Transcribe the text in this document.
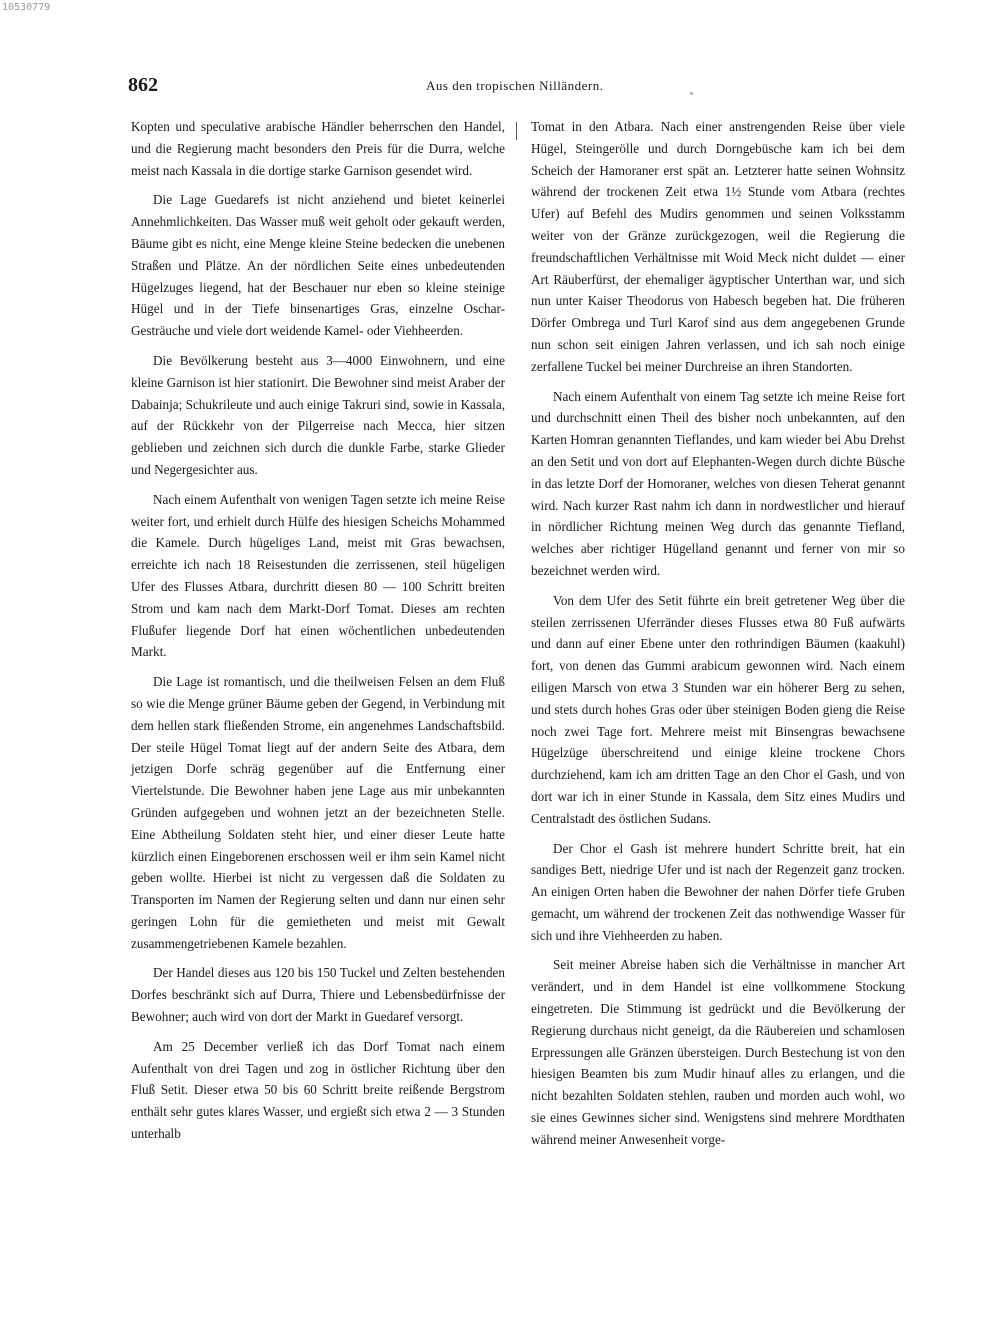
10530779
862	Aus den tropischen Nilländern.

Kopten und speculative arabische Händler beherrschen den Handel, und die Regierung macht besonders den Preis für die Durra, welche meist nach Kassala in die dortige starke Garnison gesendet wird.

Die Lage Guedarefs ist nicht anziehend und bietet keinerlei Annehmlichkeiten. Das Wasser muß weit geholt oder gekauft werden, Bäume gibt es nicht, eine Menge kleine Steine bedecken die unebenen Straßen und Plätze. An der nördlichen Seite eines unbedeutenden Hügelzuges liegend, hat der Beschauer nur eben so kleine steinige Hügel und in der Tiefe binsenartiges Gras, einzelne Oschar-Gesträuche und viele dort weidende Kamel- oder Viehheerden.

Die Bevölkerung besteht aus 3—4000 Einwohnern, und eine kleine Garnison ist hier stationirt. Die Bewohner sind meist Araber der Dabainja; Schukrileute und auch einige Takruri sind, sowie in Kassala, auf der Rückkehr von der Pilgerreise nach Mecca, hier sitzen geblieben und zeichnen sich durch die dunkle Farbe, starke Glieder und Negergesichter aus.

Nach einem Aufenthalt von wenigen Tagen setzte ich meine Reise weiter fort, und erhielt durch Hülfe des hiesigen Scheichs Mohammed die Kamele. Durch hügeliges Land, meist mit Gras bewachsen, erreichte ich nach 18 Reisestunden die zerrissenen, steil hügeligen Ufer des Flusses Atbara, durchritt diesen 80 — 100 Schritt breiten Strom und kam nach dem Markt-Dorf Tomat. Dieses am rechten Flußufer liegende Dorf hat einen wöchentlichen unbedeutenden Markt.

Die Lage ist romantisch, und die theilweisen Felsen an dem Fluß so wie die Menge grüner Bäume geben der Gegend, in Verbindung mit dem hellen stark fließenden Strome, ein angenehmes Landschaftsbild. Der steile Hügel Tomat liegt auf der andern Seite des Atbara, dem jetzigen Dorfe schräg gegenüber auf die Entfernung einer Viertelstunde. Die Bewohner haben jene Lage aus mir unbekannten Gründen aufgegeben und wohnen jetzt an der bezeichneten Stelle. Eine Abtheilung Soldaten steht hier, und einer dieser Leute hatte kürzlich einen Eingeborenen erschossen weil er ihm sein Kamel nicht geben wollte. Hierbei ist nicht zu vergessen daß die Soldaten zu Transporten im Namen der Regierung selten und dann nur einen sehr geringen Lohn für die gemietheten und meist mit Gewalt zusammengetriebenen Kamele bezahlen.

Der Handel dieses aus 120 bis 150 Tuckel und Zelten bestehenden Dorfes beschränkt sich auf Durra, Thiere und Lebensbedürfnisse der Bewohner; auch wird von dort der Markt in Guedaref versorgt.

Am 25 December verließ ich das Dorf Tomat nach einem Aufenthalt von drei Tagen und zog in östlicher Richtung über den Fluß Setit. Dieser etwa 50 bis 60 Schritt breite reißende Bergstrom enthält sehr gutes klares Wasser, und ergießt sich etwa 2 — 3 Stunden unterhalb

Tomat in den Atbara. Nach einer anstrengenden Reise über viele Hügel, Steingerölle und durch Dorngebüsche kam ich bei dem Scheich der Hamoraner erst spät an. Letzterer hatte seinen Wohnsitz während der trockenen Zeit etwa 1½ Stunde vom Atbara (rechtes Ufer) auf Befehl des Mudirs genommen und seinen Volksstamm weiter von der Gränze zurückgezogen, weil die Regierung die freundschaftlichen Verhältnisse mit Woid Meck nicht duldet — einer Art Räuberfürst, der ehemaliger ägyptischer Unterthan war, und sich nun unter Kaiser Theodorus von Habesch begeben hat. Die früheren Dörfer Ombrega und Turl Karof sind aus dem angegebenen Grunde nun schon seit einigen Jahren verlassen, und ich sah noch einige zerfallene Tuckel bei meiner Durchreise an ihren Standorten.

Nach einem Aufenthalt von einem Tag setzte ich meine Reise fort und durchschnitt einen Theil des bisher noch unbekannten, auf den Karten Homran genannten Tieflandes, und kam wieder bei Abu Drehst an den Setit und von dort auf Elephanten-Wegen durch dichte Büsche in das letzte Dorf der Homoraner, welches von diesen Teherat genannt wird. Nach kurzer Rast nahm ich dann in nordwestlicher und hierauf in nördlicher Richtung meinen Weg durch das genannte Tiefland, welches aber richtiger Hügelland genannt und ferner von mir so bezeichnet werden wird.

Von dem Ufer des Setit führte ein breit getretener Weg über die steilen zerrissenen Uferränder dieses Flusses etwa 80 Fuß aufwärts und dann auf einer Ebene unter den rothrindigen Bäumen (kaakuhl) fort, von denen das Gummi arabicum gewonnen wird. Nach einem eiligen Marsch von etwa 3 Stunden war ein höherer Berg zu sehen, und stets durch hohes Gras oder über steinigen Boden gieng die Reise noch zwei Tage fort. Mehrere meist mit Binsengras bewachsene Hügelzüge überschreitend und einige kleine trockene Chors durchziehend, kam ich am dritten Tage an den Chor el Gash, und von dort war ich in einer Stunde in Kassala, dem Sitz eines Mudirs und Centralstadt des östlichen Sudans.

Der Chor el Gash ist mehrere hundert Schritte breit, hat ein sandiges Bett, niedrige Ufer und ist nach der Regenzeit ganz trocken. An einigen Orten haben die Bewohner der nahen Dörfer tiefe Gruben gemacht, um während der trockenen Zeit das nothwendige Wasser für sich und ihre Viehheerden zu haben.

Seit meiner Abreise haben sich die Verhältnisse in mancher Art verändert, und in dem Handel ist eine vollkommene Stockung eingetreten. Die Stimmung ist gedrückt und die Bevölkerung der Regierung durchaus nicht geneigt, da die Räubereien und schamlosen Erpressungen alle Gränzen übersteigen. Durch Bestechung ist von den hiesigen Beamten bis zum Mudir hinauf alles zu erlangen, und die nicht bezahlten Soldaten stehlen, rauben und morden auch wohl, wo sie eines Gewinnes sicher sind. Wenigstens sind mehrere Mordthaten während meiner Anwesenheit vorge-
